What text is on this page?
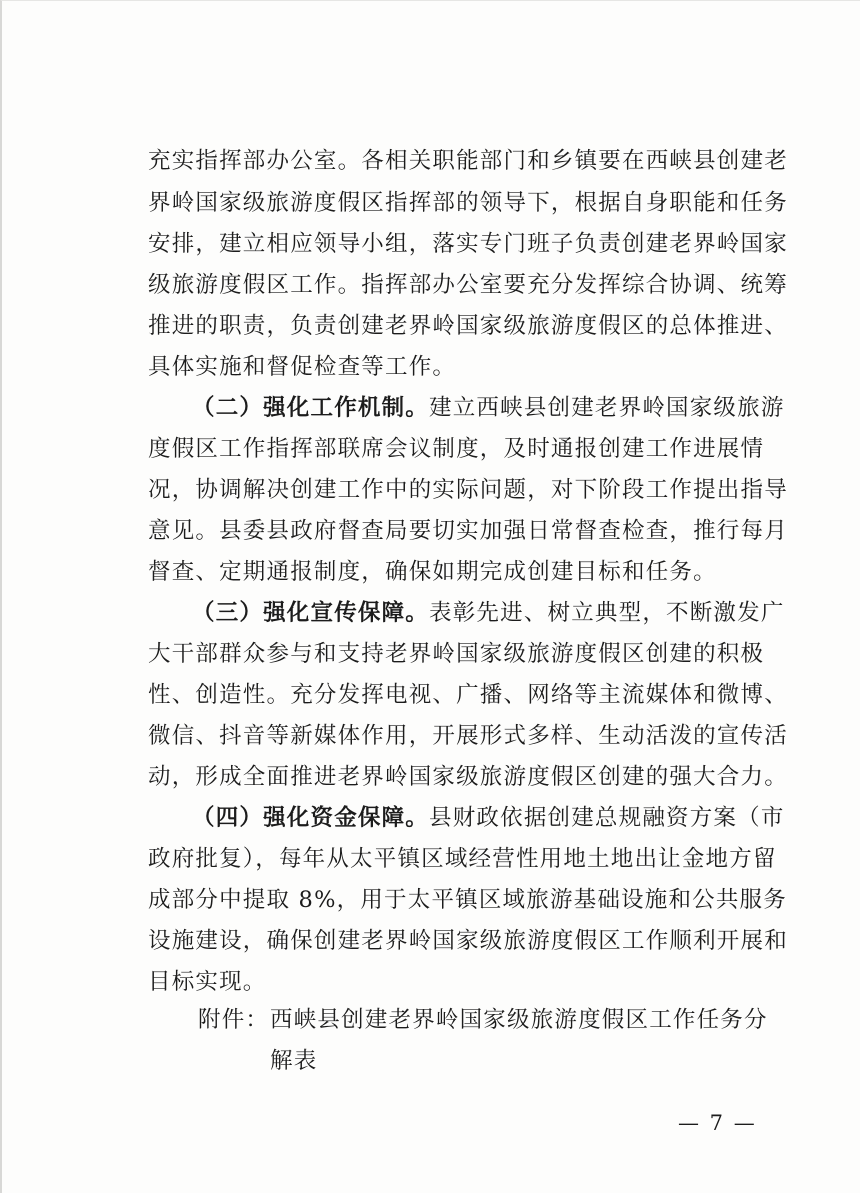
充实指挥部办公室。各相关职能部门和乡镇要在西峡县创建老
界岭国家级旅游度假区指挥部的领导下，根据自身职能和任务
安排，建立相应领导小组，落实专门班子负责创建老界岭国家
级旅游度假区工作。指挥部办公室要充分发挥综合协调、统筹
推进的职责，负责创建老界岭国家级旅游度假区的总体推进、
具体实施和督促检查等工作。
（二）强化工作机制。建立西峡县创建老界岭国家级旅游
度假区工作指挥部联席会议制度，及时通报创建工作进展情
况，协调解决创建工作中的实际问题，对下阶段工作提出指导
意见。县委县政府督查局要切实加强日常督查检查，推行每月
督查、定期通报制度，确保如期完成创建目标和任务。
（三）强化宣传保障。表彰先进、树立典型，不断激发广
大干部群众参与和支持老界岭国家级旅游度假区创建的积极
性、创造性。充分发挥电视、广播、网络等主流媒体和微博、
微信、抖音等新媒体作用，开展形式多样、生动活泼的宣传活
动，形成全面推进老界岭国家级旅游度假区创建的强大合力。
（四）强化资金保障。县财政依据创建总规融资方案（市
政府批复），每年从太平镇区域经营性用地土地出让金地方留
成部分中提取 8%，用于太平镇区域旅游基础设施和公共服务
设施建设，确保创建老界岭国家级旅游度假区工作顺利开展和
目标实现。
附件： 西峡县创建老界岭国家级旅游度假区工作任务分
解表
— 7 —
